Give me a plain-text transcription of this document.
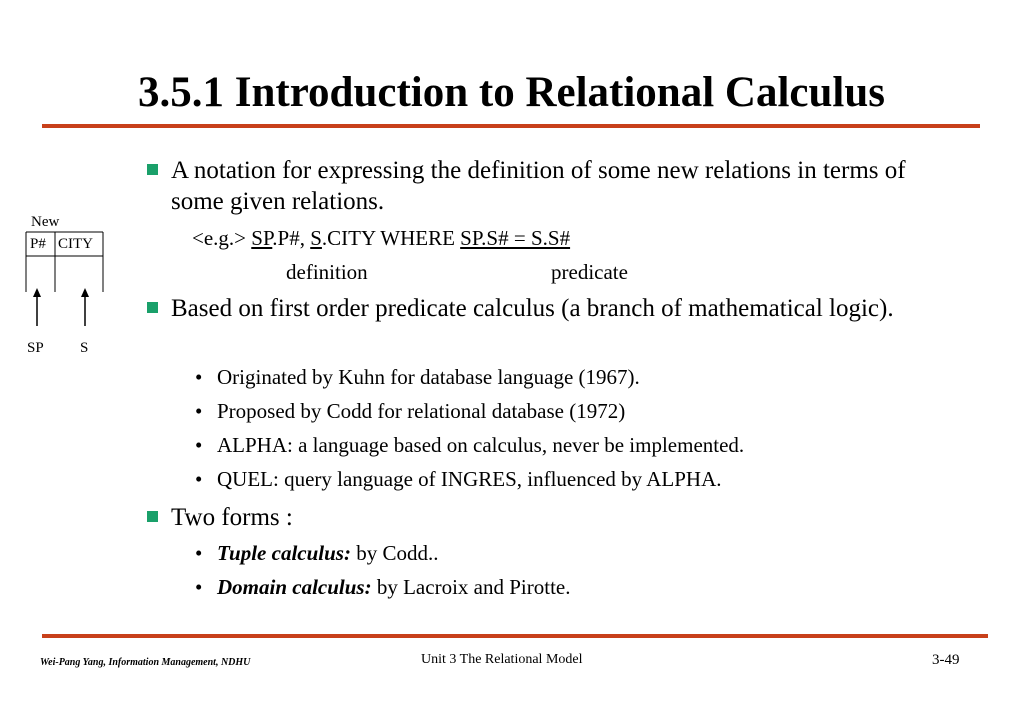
3.5.1 Introduction to Relational Calculus
A notation for expressing the definition of some new relations in terms of some given relations.
<e.g.> SP.P#, S.CITY WHERE SP.S# = S.S#
definition	predicate
Based on first order predicate calculus (a branch of mathematical logic).
• Originated by Kuhn for database language (1967).
• Proposed by Codd for relational database (1972)
• ALPHA: a language based on calculus, never be implemented.
• QUEL: query language of INGRES, influenced by ALPHA.
Two forms :
• Tuple calculus: by Codd..
• Domain calculus: by Lacroix and Pirotte.
New
P# CITY
SP S
Wei-Pang Yang, Information Management, NDHU	Unit 3 The Relational Model	3-49
